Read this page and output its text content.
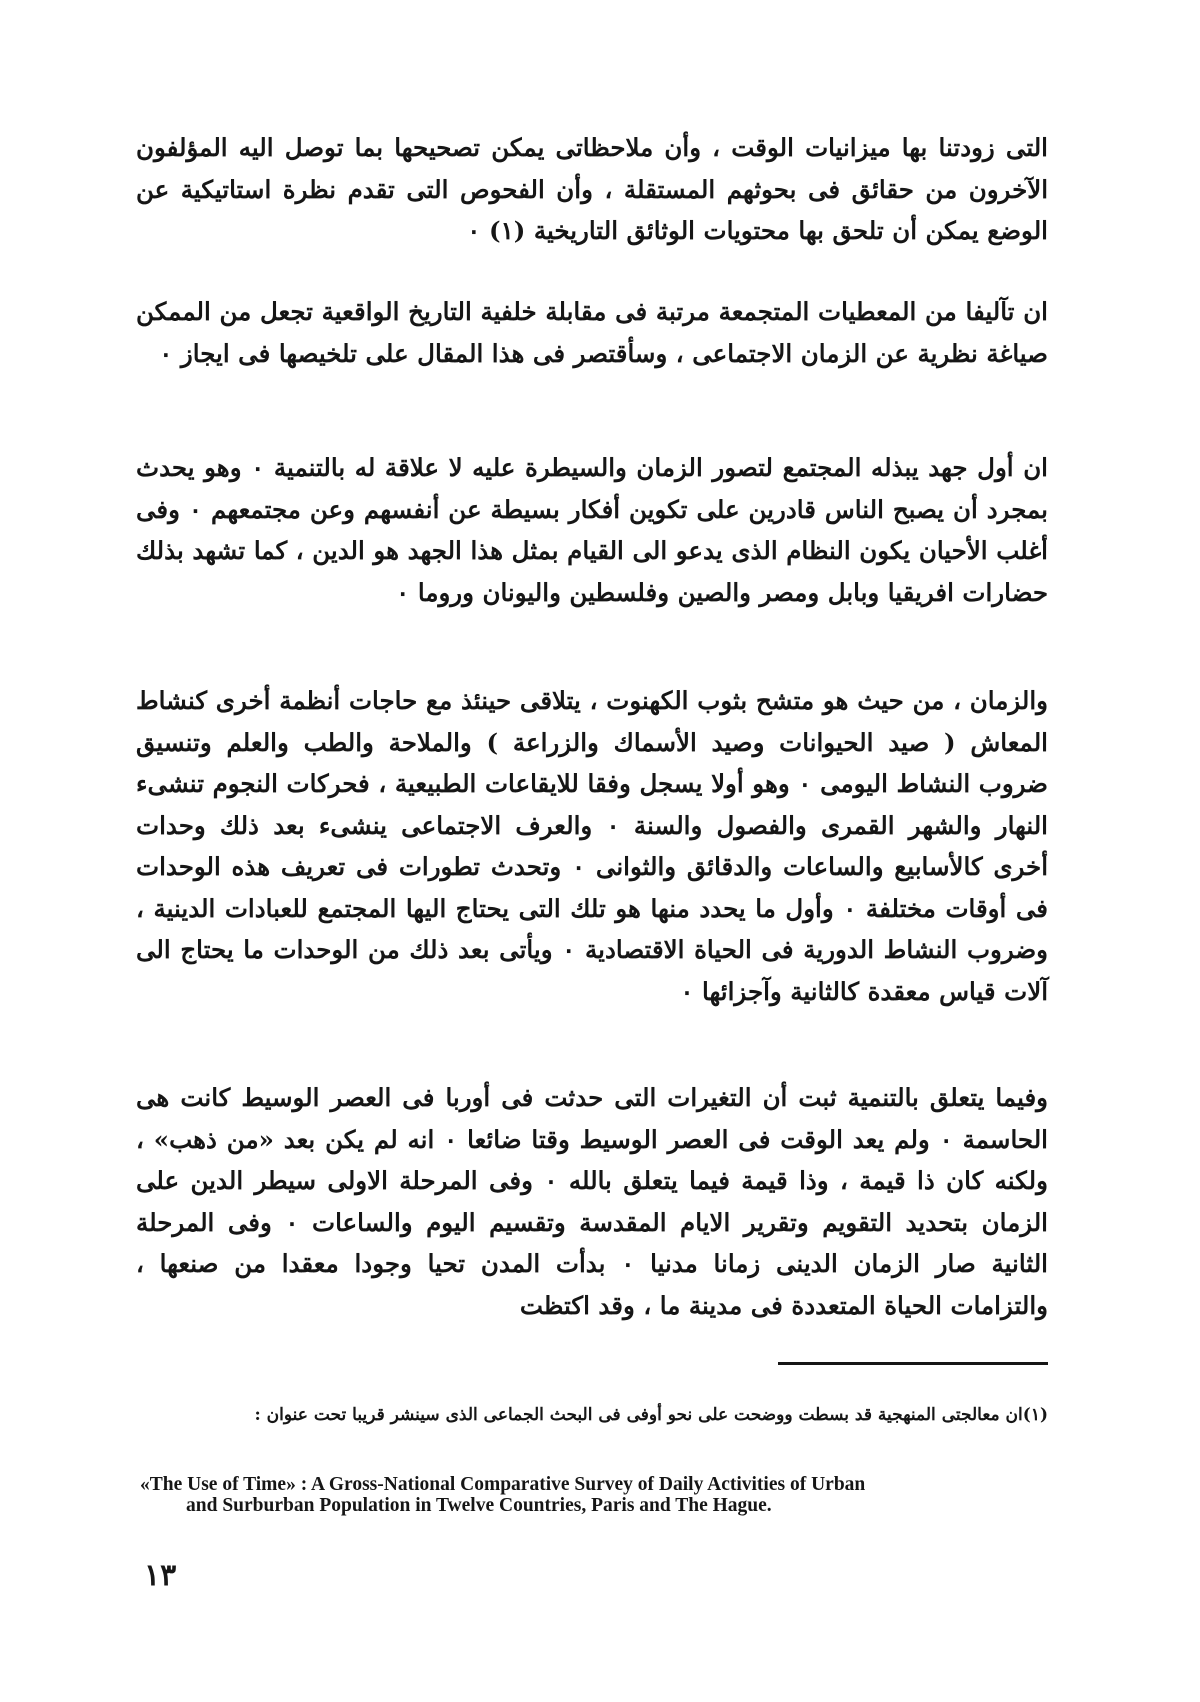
التى زودتنا بها ميزانيات الوقت ، وأن ملاحظاتى يمكن تصحيحها بما توصل اليه المؤلفون الآخرون من حقائق فى بحوثهم المستقلة ، وأن الفحوص التى تقدم نظرة استاتيكية عن الوضع يمكن أن تلحق بها محتويات الوثائق التاريخية (١) ٠

ان تآليفا من المعطيات المتجمعة مرتبة فى مقابلة خلفية التاريخ الواقعية تجعل من الممكن صياغة نظرية عن الزمان الاجتماعى ، وسأقتصر فى هذا المقال على تلخيصها فى ايجاز ٠

ان أول جهد يبذله المجتمع لتصور الزمان والسيطرة عليه لا علاقة له بالتنمية ٠ وهو يحدث بمجرد أن يصبح الناس قادرين على تكوين أفكار بسيطة عن أنفسهم وعن مجتمعهم ٠ وفى أغلب الأحيان يكون النظام الذى يدعو الى القيام بمثل هذا الجهد هو الدين ، كما تشهد بذلك حضارات افريقيا وبابل ومصر والصين وفلسطين واليونان وروما ٠

والزمان ، من حيث هو متشح بثوب الكهنوت ، يتلاقى حينئذ مع حاجات أنظمة أخرى كنشاط المعاش ( صيد الحيوانات وصيد الأسماك والزراعة ) والملاحة والطب والعلم وتنسيق ضروب النشاط اليومى ٠ وهو أولا يسجل وفقا للايقاعات الطبيعية ، فحركات النجوم تنشىء النهار والشهر القمرى والفصول والسنة ٠ والعرف الاجتماعى ينشىء بعد ذلك وحدات أخرى كالأسابيع والساعات والدقائق والثوانى ٠ وتحدث تطورات فى تعريف هذه الوحدات فى أوقات مختلفة ٠ وأول ما يحدد منها هو تلك التى يحتاج اليها المجتمع للعبادات الدينية ، وضروب النشاط الدورية فى الحياة الاقتصادية ٠ ويأتى بعد ذلك من الوحدات ما يحتاج الى آلات قياس معقدة كالثانية وآجزائها ٠

وفيما يتعلق بالتنمية ثبت أن التغيرات التى حدثت فى أوربا فى العصر الوسيط كانت هى الحاسمة ٠ ولم يعد الوقت فى العصر الوسيط وقتا ضائعا ٠ انه لم يكن بعد «من ذهب» ، ولكنه كان ذا قيمة ، وذا قيمة فيما يتعلق بالله ٠ وفى المرحلة الاولى سيطر الدين على الزمان بتحديد التقويم وتقرير الايام المقدسة وتقسيم اليوم والساعات ٠ وفى المرحلة الثانية صار الزمان الدينى زمانا مدنيا ٠ بدأت المدن تحيا وجودا معقدا من صنعها ، والتزامات الحياة المتعددة فى مدينة ما ، وقد اكتظت

(١)ان معالجتى المنهجية قد بسطت ووضحت على نحو أوفى فى البحث الجماعى الذى سينشر قريبا تحت عنوان :

«The Use of Time» : A Gross-National Comparative Survey of Daily Activities of Urban
and Surburban Population in Twelve Countries, Paris and The Hague.
١٣
